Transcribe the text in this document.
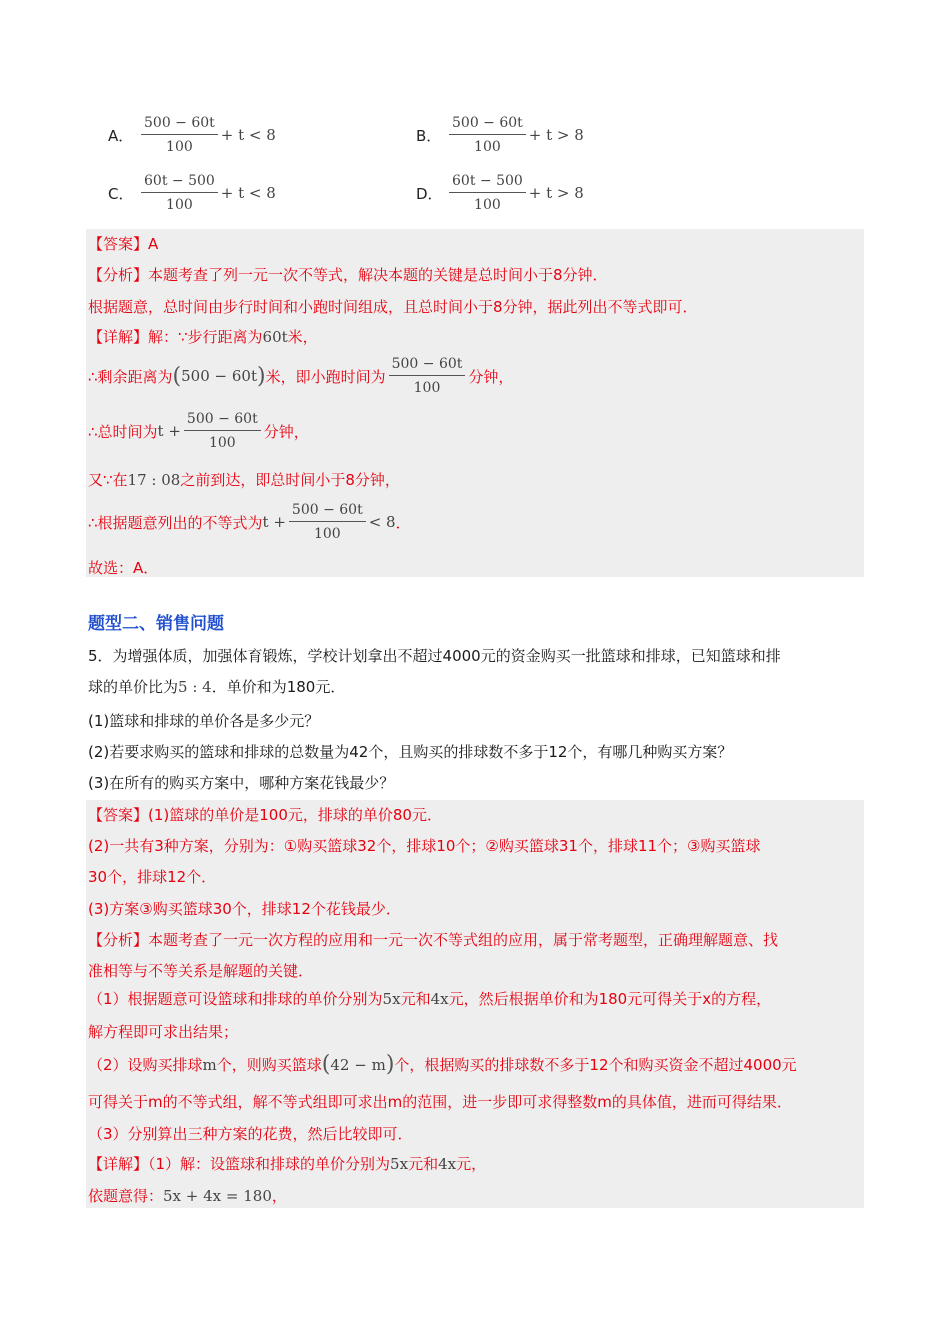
A． $\frac{500 - 60t}{100} + t < 8$	B． $\frac{500 - 60t}{100} + t > 8$
C． $\frac{60t - 500}{100} + t < 8$	D． $\frac{60t - 500}{100} + t > 8$
【答案】A
【分析】本题考查了列一元一次不等式，解决本题的关键是总时间小于8分钟．
根据题意，总时间由步行时间和小跑时间组成，且总时间小于8分钟，据此列出不等式即可．
【详解】解：∵步行距离为 60t 米，
∴剩余距离为 ( 500 − 60t ) 米，即小跑时间为 $\frac{500 - 60t}{100}$ 分钟，
∴总时间为 $t + \frac{500 - 60t}{100}$ 分钟，
又∵在 17 : 08 之前到达，即总时间小于8分钟，
∴根据题意列出的不等式为 $t + \frac{500 - 60t}{100} < 8$ ．
故选：A．
题型二、销售问题
5．为增强体质，加强体育锻炼，学校计划拿出不超过4000元的资金购买一批篮球和排球，已知篮球和排
球的单价比为 5 : 4 ．单价和为180元．
(1)篮球和排球的单价各是多少元？
(2)若要求购买的篮球和排球的总数量为42个，且购买的排球数不多于12个，有哪几种购买方案？
(3)在所有的购买方案中，哪种方案花钱最少？
【答案】(1)篮球的单价是100元，排球的单价80元．
(2)一共有3种方案，分别为：①购买篮球32个，排球10个；②购买篮球31个，排球11个；③购买篮球
30个，排球12个．
(3)方案③购买篮球30个，排球12个花钱最少．
【分析】本题考查了一元一次方程的应用和一元一次不等式组的应用，属于常考题型，正确理解题意、找
准相等与不等关系是解题的关键．
（1）根据题意可设篮球和排球的单价分别为 5x 元和 4x 元，然后根据单价和为180元可得关于x的方程，
解方程即可求出结果；
（2）设购买排球 m 个，则购买篮球 ( 42 − m ) 个，根据购买的排球数不多于12个和购买资金不超过4000元
可得关于m的不等式组，解不等式组即可求出m的范围，进一步即可求得整数m的具体值，进而可得结果．
（3）分别算出三种方案的花费，然后比较即可．
【详解】（1）解：设篮球和排球的单价分别为 5x 元和 4x 元，
依题意得： 5x + 4x = 180 ，
